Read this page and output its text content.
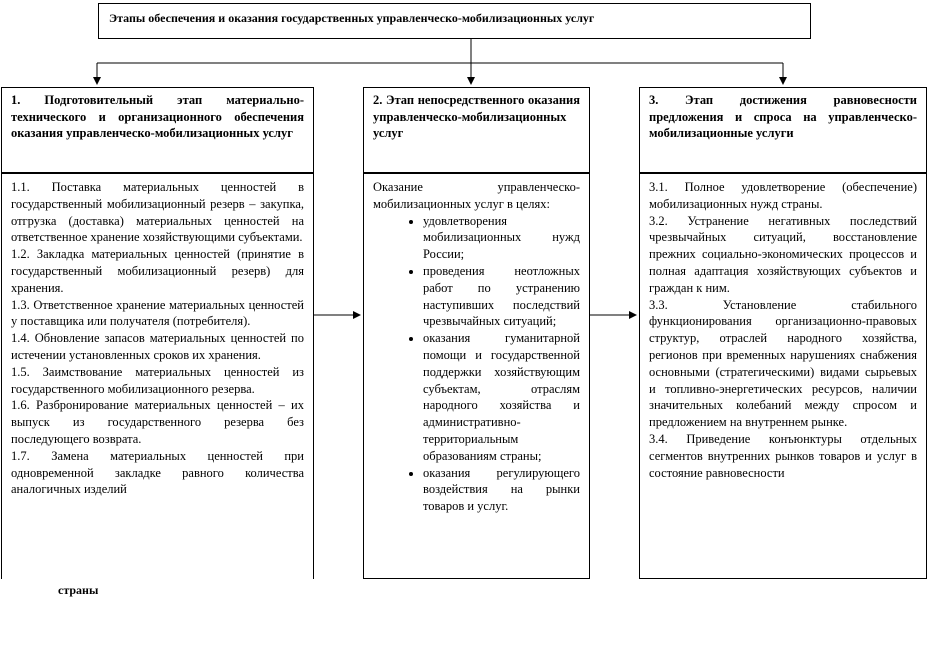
Этапы обеспечения и оказания государственных управленческо-мобилизационных услуг
1. Подготовительный этап материально-технического и организационного обеспечения оказания управленческо-мобилизационных услуг

1.1. Поставка материальных ценностей в государственный мобилизационный резерв – закупка, отгрузка (доставка) материальных ценностей на ответственное хранение хозяйствующими субъектами.

1.2. Закладка материальных ценностей (принятие в государственный мобилизационный резерв) для хранения.

1.3. Ответственное хранение материальных ценностей у поставщика или получателя (потребителя).

1.4. Обновление запасов материальных ценностей по истечении установленных сроков их хранения.

1.5. Заимствование материальных ценностей из государственного мобилизационного резерва.

1.6. Разбронирование материальных ценностей – их выпуск из государственного резерва без последующего возврата.

1.7. Замена материальных ценностей при одновременной закладке равного количества аналогичных изделий

2. Этап непосредственного оказания управленческо-мобилизационных услуг

Оказание управленческо-мобилизационных услуг в целях:

• удовлетворения мобилизационных нужд России;
• проведения неотложных работ по устранению наступивших последствий чрезвычайных ситуаций;
• оказания гуманитарной помощи и государственной поддержки хозяйствующим субъектам, отраслям народного хозяйства и административно-территориальным образованиям страны;
• оказания регулирующего воздействия на рынки товаров и услуг.
3. Этап достижения равновесности предложения и спроса на управленческо-мобилизационные услуги

3.1. Полное удовлетворение (обеспечение) мобилизационных нужд страны.

3.2. Устранение негативных последствий чрезвычайных ситуаций, восстановление прежних социально-экономических процессов и полная адаптация хозяйствующих субъектов и граждан к ним.

3.3. Установление стабильного функционирования организационно-правовых структур, отраслей народного хозяйства, регионов при временных нарушениях снабжения основными (стратегическими) видами сырьевых и топливно-энергетических ресурсов, наличии значительных колебаний между спросом и предложением на внутреннем рынке.

3.4. Приведение конъюнктуры отдельных сегментов внутренних рынков товаров и услуг в состояние равновесности

страны
